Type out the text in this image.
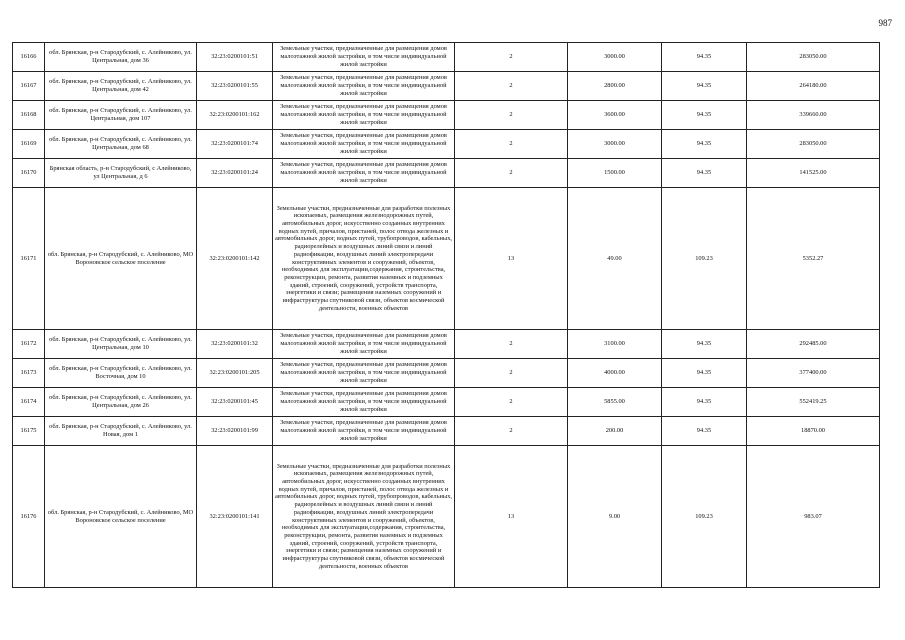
987
16166	обл. Брянская, р-н Стародубский, с. Алейниково, ул. Центральная, дом 36	32:23:0200101:51	Земельные участки, предназначенные для размещения домов малоэтажной жилой застройки, в том числе индивидуальной жилой застройки	2	3000.00	94.35	283050.00
16167	обл. Брянская, р-н Стародубский, с. Алейниково, ул. Центральная, дом 42	32:23:0200101:55	Земельные участки, предназначенные для размещения домов малоэтажной жилой застройки, в том числе индивидуальной жилой застройки	2	2800.00	94.35	264180.00
16168	обл. Брянская, р-н Стародубский, с. Алейниково, ул. Центральная, дом 107	32:23:0200101:162	Земельные участки, предназначенные для размещения домов малоэтажной жилой застройки, в том числе индивидуальной жилой застройки	2	3600.00	94.35	339660.00
16169	обл. Брянская, р-н Стародубский, с. Алейниково, ул. Центральная, дом 68	32:23:0200101:74	Земельные участки, предназначенные для размещения домов малоэтажной жилой застройки, в том числе индивидуальной жилой застройки	2	3000.00	94.35	283050.00
16170	Брянская область, р-н Стародубский, с Алейниково, ул Центральная, д 6	32:23:0200101:24	Земельные участки, предназначенные для размещения домов малоэтажной жилой застройки, в том числе индивидуальной жилой застройки	2	1500.00	94.35	141525.00
16171	обл. Брянская, р-н Стародубский, с. Алейниково, МО Вороновское сельское поселение	32:23:0200101:142	Земельные участки, предназначенные для разработки полезных ископаемых, размещения железнодорожных путей, автомобильных дорог, искусственно созданных внутренних водных путей, причалов, пристаней, полос отвода железных и автомобильных дорог, водных путей, трубопроводов, кабельных, радиорелейных и воздушных линий связи и линий радиофикации, воздушных линий электропередачи конструктивных элементов и сооружений, объектов, необходимых для эксплуатации,содержания, строительства, реконструкции, ремонта, развития наземных и подземных зданий, строений, сооружений, устройств транспорта, энергетики и связи; размещения наземных сооружений и инфраструктуры спутниковой связи, объектов космической деятельности, военных объектов	13	49.00	109.23	5352.27
16172	обл. Брянская, р-н Стародубский, с. Алейниково, ул. Центральная, дом 10	32:23:0200101:32	Земельные участки, предназначенные для размещения домов малоэтажной жилой застройки, в том числе индивидуальной жилой застройки	2	3100.00	94.35	292485.00
16173	обл. Брянская, р-н Стародубский, с. Алейниково, ул. Восточная, дом 10	32:23:0200101:205	Земельные участки, предназначенные для размещения домов малоэтажной жилой застройки, в том числе индивидуальной жилой застройки	2	4000.00	94.35	377400.00
16174	обл. Брянская, р-н Стародубский, с. Алейниково, ул. Центральная, дом 26	32:23:0200101:45	Земельные участки, предназначенные для размещения домов малоэтажной жилой застройки, в том числе индивидуальной жилой застройки	2	5855.00	94.35	552419.25
16175	обл. Брянская, р-н Стародубский, с. Алейниково, ул. Новая, дом 1	32:23:0200101:99	Земельные участки, предназначенные для размещения домов малоэтажной жилой застройки, в том числе индивидуальной жилой застройки	2	200.00	94.35	18870.00
16176	обл. Брянская, р-н Стародубский, с. Алейниково, МО Вороновское сельское поселение	32:23:0200101:141	Земельные участки, предназначенные для разработки полезных ископаемых, размещения железнодорожных путей, автомобильных дорог, искусственно созданных внутренних водных путей, причалов, пристаней, полос отвода железных и автомобильных дорог, водных путей, трубопроводов, кабельных, радиорелейных и воздушных линий связи и линий радиофикации, воздушных линий электропередачи конструктивных элементов и сооружений, объектов, необходимых для эксплуатации,содержания, строительства, реконструкции, ремонта, развития наземных и подземных зданий, строений, сооружений, устройств транспорта, энергетики и связи; размещения наземных сооружений и инфраструктуры спутниковой связи, объектов космической деятельности, военных объектов	13	9.00	109.23	983.07
